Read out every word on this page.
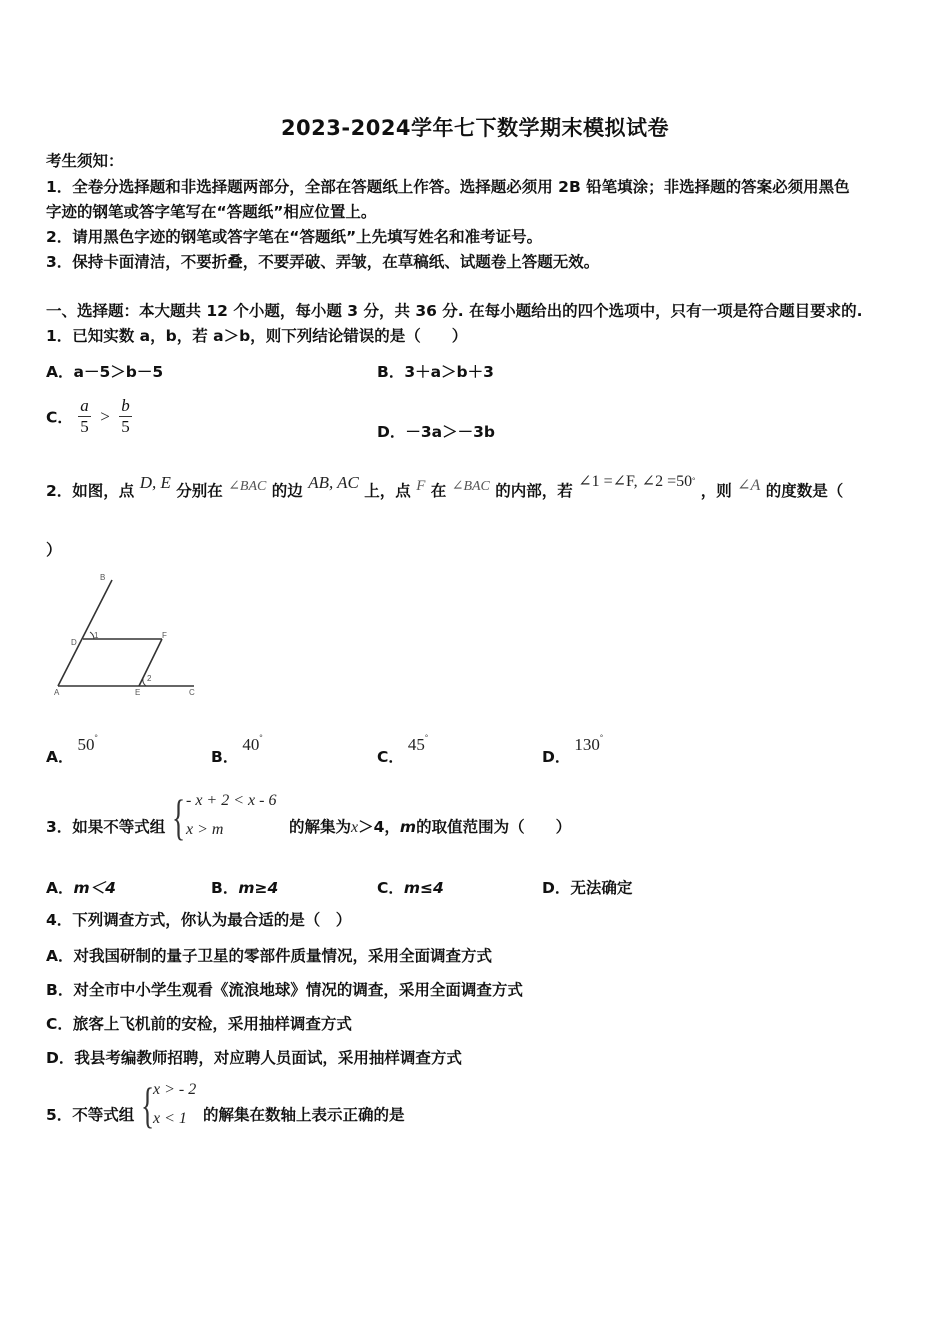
2023-2024学年七下数学期末模拟试卷
考生须知：
1．全卷分选择题和非选择题两部分，全部在答题纸上作答。选择题必须用 2B 铅笔填涂；非选择题的答案必须用黑色
字迹的钢笔或答字笔写在“答题纸”相应位置上。
2．请用黑色字迹的钢笔或答字笔在“答题纸”上先填写姓名和准考证号。
3．保持卡面清洁，不要折叠，不要弄破、弄皱，在草稿纸、试题卷上答题无效。
一、选择题：本大题共 12 个小题，每小题 3 分，共 36 分. 在每小题给出的四个选项中，只有一项是符合题目要求的.
1．已知实数 a，b，若 a＞b，则下列结论错误的是（　　）
A．a－5＞b－5	B．3＋a＞b＋3
C． $\frac{a}{5} > \frac{b}{5}$	D．－3a＞－3b
2．如图，点 D, E 分别在 ∠BAC 的边 AB, AC 上，点 F 在 ∠BAC 的内部，若 ∠1 =∠F, ∠2 =50° ，则 ∠A 的度数是（
）
B
D
1	F
2
A	E	C
A．50°
B．40°
C．45°
D．130°
3．如果不等式组 { - x + 2 < x - 6
x > m	的解集为x＞4，m的取值范围为（　　）
A．m＜4	B．m≥4	C．m≤4	D．无法确定
4．下列调查方式，你认为最合适的是（　）
A．对我国研制的量子卫星的零部件质量情况，采用全面调查方式
B．对全市中小学生观看《流浪地球》情况的调查，采用全面调查方式
C．旅客上飞机前的安检，采用抽样调查方式
D．我县考编教师招聘，对应聘人员面试，采用抽样调查方式
5．不等式组 {
x > - 2
x < 1 的解集在数轴上表示正确的是
